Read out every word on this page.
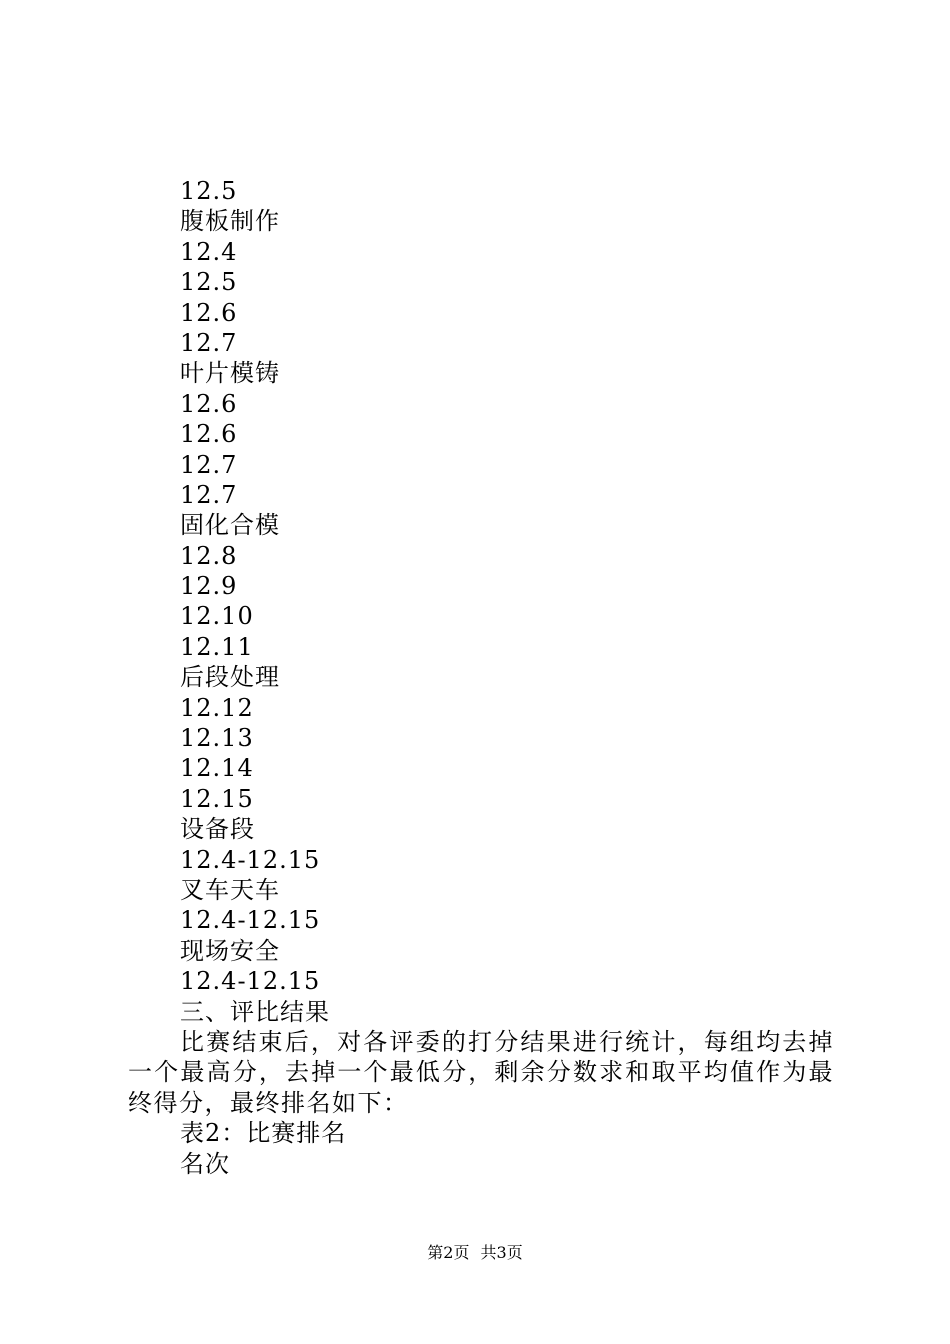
12.5
腹板制作
12.4
12.5
12.6
12.7
叶片模铸
12.6
12.6
12.7
12.7
固化合模
12.8
12.9
12.10
12.11
后段处理
12.12
12.13
12.14
12.15
设备段
12.4-12.15
叉车天车
12.4-12.15
现场安全
12.4-12.15
三、评比结果

比赛结束后，对各评委的打分结果进行统计，每组均去掉一个最高分，去掉一个最低分，剩余分数求和取平均值作为最终得分，最终排名如下：

表2：比赛排名
名次
第2页 共3页
